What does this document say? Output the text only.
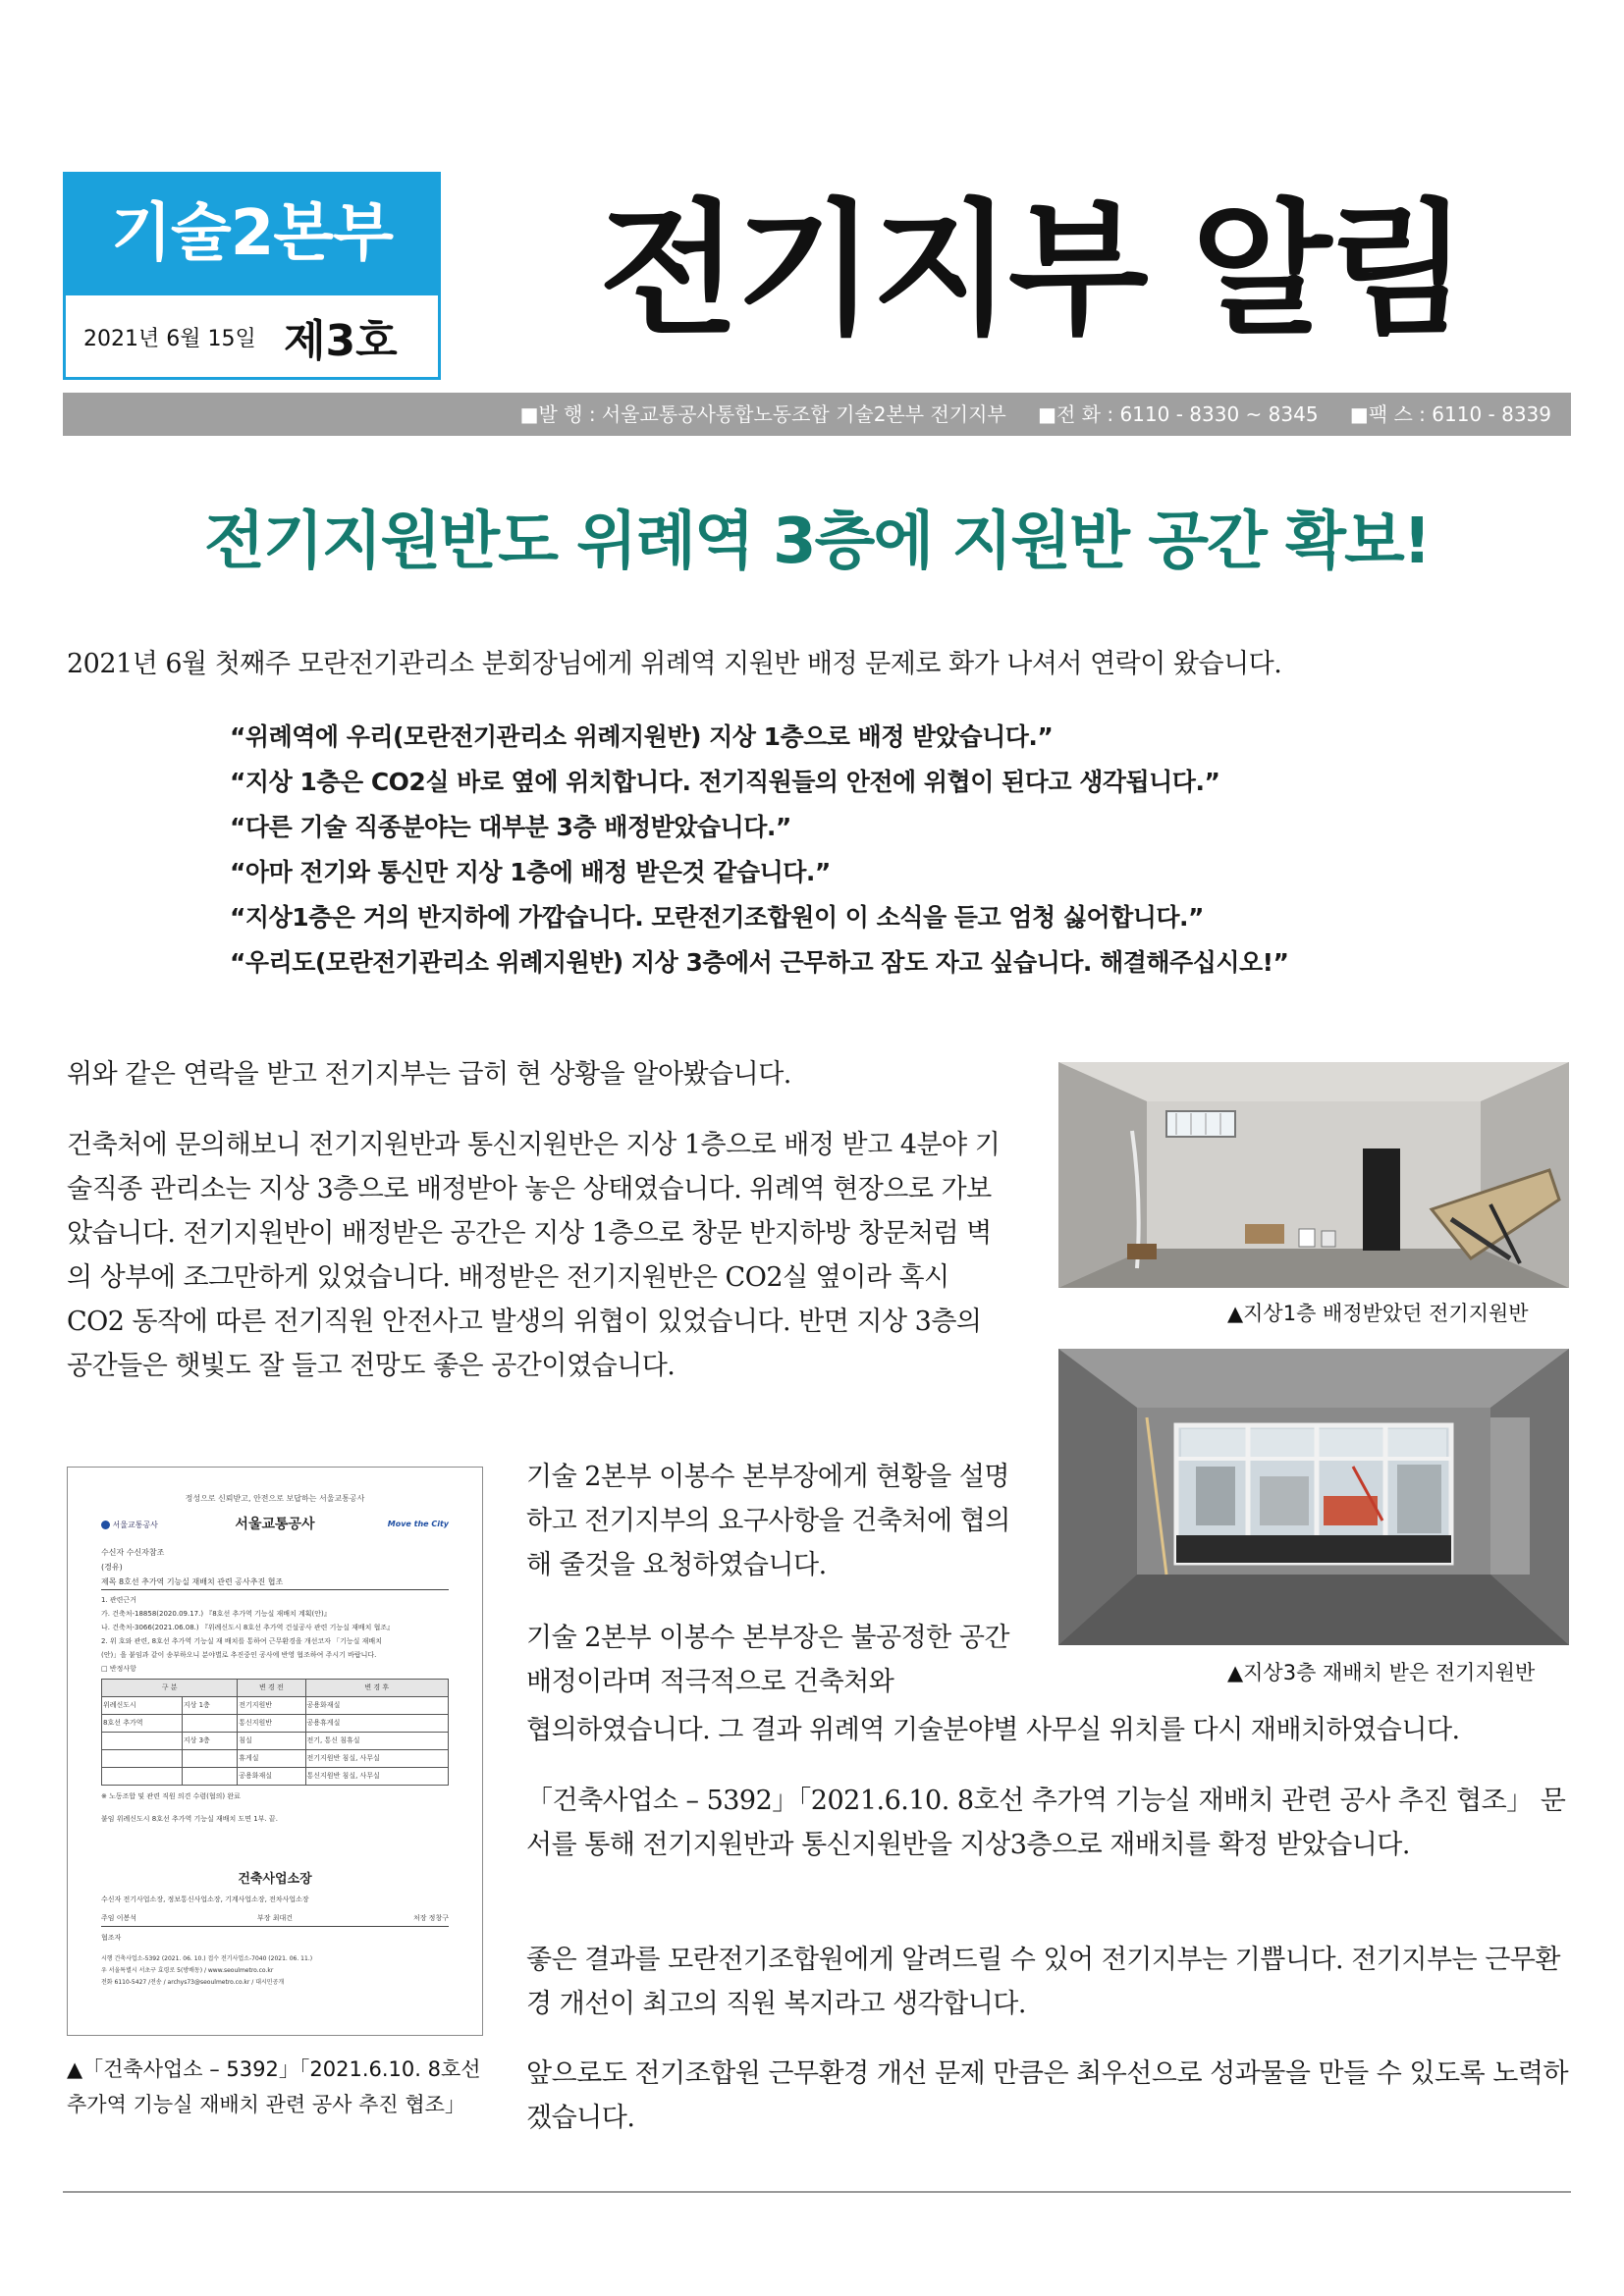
기술2본부
2021년 6월 15일 제3호 전기지부 알림
■발 행 : 서울교통공사통합노동조합 기술2본부 전기지부 ■전 화 : 6110 - 8330 ~ 8345 ■팩 스 : 6110 - 8339
전기지원반도 위례역 3층에 지원반 공간 확보!
2021년 6월 첫째주 모란전기관리소 분회장님에게 위례역 지원반 배정 문제로 화가 나셔서 연락이 왔습니다.
“위례역에 우리(모란전기관리소 위례지원반) 지상 1층으로 배정 받았습니다.”
“지상 1층은 CO2실 바로 옆에 위치합니다. 전기직원들의 안전에 위협이 된다고 생각됩니다.”
“다른 기술 직종분야는 대부분 3층 배정받았습니다.”
“아마 전기와 통신만 지상 1층에 배정 받은것 같습니다.”
“지상1층은 거의 반지하에 가깝습니다. 모란전기조합원이 이 소식을 듣고 엄청 싫어합니다.”
“우리도(모란전기관리소 위례지원반) 지상 3층에서 근무하고 잠도 자고 싶습니다. 해결해주십시오!”
위와 같은 연락을 받고 전기지부는 급히 현 상황을 알아봤습니다.
건축처에 문의해보니 전기지원반과 통신지원반은 지상 1층으로 배정 받고 4분야 기술직종 관리소는 지상 3층으로 배정받아 놓은 상태였습니다. 위례역 현장으로 가보았습니다. 전기지원반이 배정받은 공간은 지상 1층으로 창문 반지하방 창문처럼 벽의 상부에 조그만하게 있었습니다. 배정받은 전기지원반은 CO2실 옆이라 혹시 CO2 동작에 따른 전기직원 안전사고 발생의 위협이 있었습니다. 반면 지상 3층의 공간들은 햇빛도 잘 들고 전망도 좋은 공간이였습니다.
기술 2본부 이봉수 본부장에게 현황을 설명하고 전기지부의 요구사항을 건축처에 협의해 줄것을 요청하였습니다.
기술 2본부 이봉수 본부장은 불공정한 공간 배정이라며 적극적으로 건축처와
협의하였습니다. 그 결과 위례역 기술분야별 사무실 위치를 다시 재배치하였습니다.
「건축사업소 – 5392」「2021.6.10. 8호선 추가역 기능실 재배치 관련 공사 추진 협조」 문서를 통해 전기지원반과 통신지원반을 지상3층으로 재배치를 확정 받았습니다.
좋은 결과를 모란전기조합원에게 알려드릴 수 있어 전기지부는 기쁩니다. 전기지부는 근무환경 개선이 최고의 직원 복지라고 생각합니다.
앞으로도 전기조합원 근무환경 개선 문제 만큼은 최우선으로 성과물을 만들 수 있도록 노력하겠습니다.
▲지상1층 배정받았던 전기지원반
▲지상3층 재배치 받은 전기지원반
정성으로 신뢰받고, 안전으로 보답하는 서울교통공사
서울교통공사	서울교통공사	Move the City
수신자 수신자참조
(경유)
제목 8호선 추가역 기능실 재배치 관련 공사추진 협조
1. 관련근거
가. 건축처-18858(2020.09.17.) 『8호선 추가역 기능실 재배치 계획(안)』
나. 건축처-3066(2021.06.08.) 『위례신도시 8호선 추가역 건설공사 관련 기능실 재배치 협조』
2. 위 호와 관련, 8호선 추가역 기능실 재 배치를 통하여 근무환경을 개선코자 「기능실 재배치
(안)」을 붙임과 같이 송부하오니 분야별로 추진중인 공사에 반영 협조하여 주시기 바랍니다.
□ 반정사항
구 분		변 경 전	변 경 후
위례신도시	지상 1층	전기지원반	공용화재실
8호선 추가역		통신지원반	공용휴게실
	지상 3층	침실	전기, 통신 침휴실
		휴게실	전기지원반 침실, 사무실
		공용화재실	통신지원반 침실, 사무실
※ 노동조합 및 관련 직원 의견 수렴(협의) 완료
붙임 위례신도시 8호선 추가역 기능실 재배치 도면 1부. 끝.
건축사업소장
수신자 전기사업소장, 정보통신사업소장, 기계사업소장, 전차사업소장
주임 이봉석	부장 최대건	처장 정창구
협조자
시행 건축사업소-5392 (2021. 06. 10.) 접수 전기사업소-7040 (2021. 06. 11.)
우 서울특별시 서초구 효령로 5(방배동) / www.seoulmetro.co.kr
전화 6110-5427 /전송 / archys73@seoulmetro.co.kr / 대시민공개
▲「건축사업소 – 5392」「2021.6.10. 8호선 추가역 기능실 재배치 관련 공사 추진 협조」
